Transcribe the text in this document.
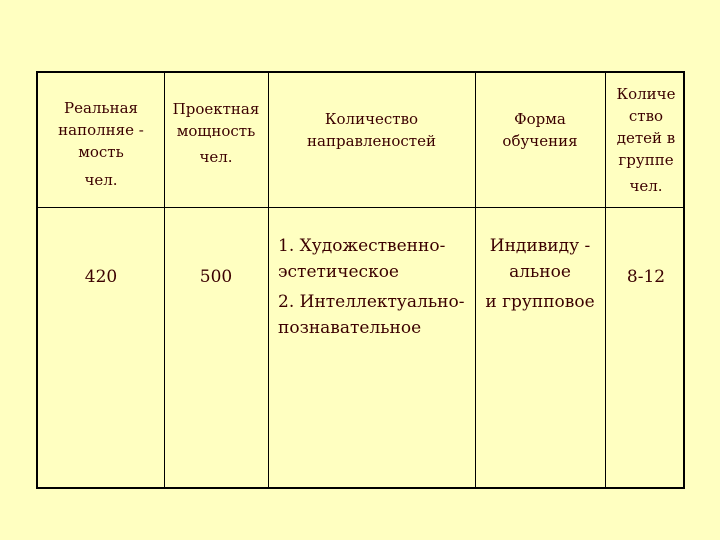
Реальная
наполняе -
мость
чел.
Проектная
мощность
чел.
Количество
направленостей
Форма
обучения
Количе
ство
детей в
группе
чел.
420	500
1. Художественно-
эстетическое
2. Интеллектуально-
познавательное
Индивиду -
альное
и групповое
8-12
